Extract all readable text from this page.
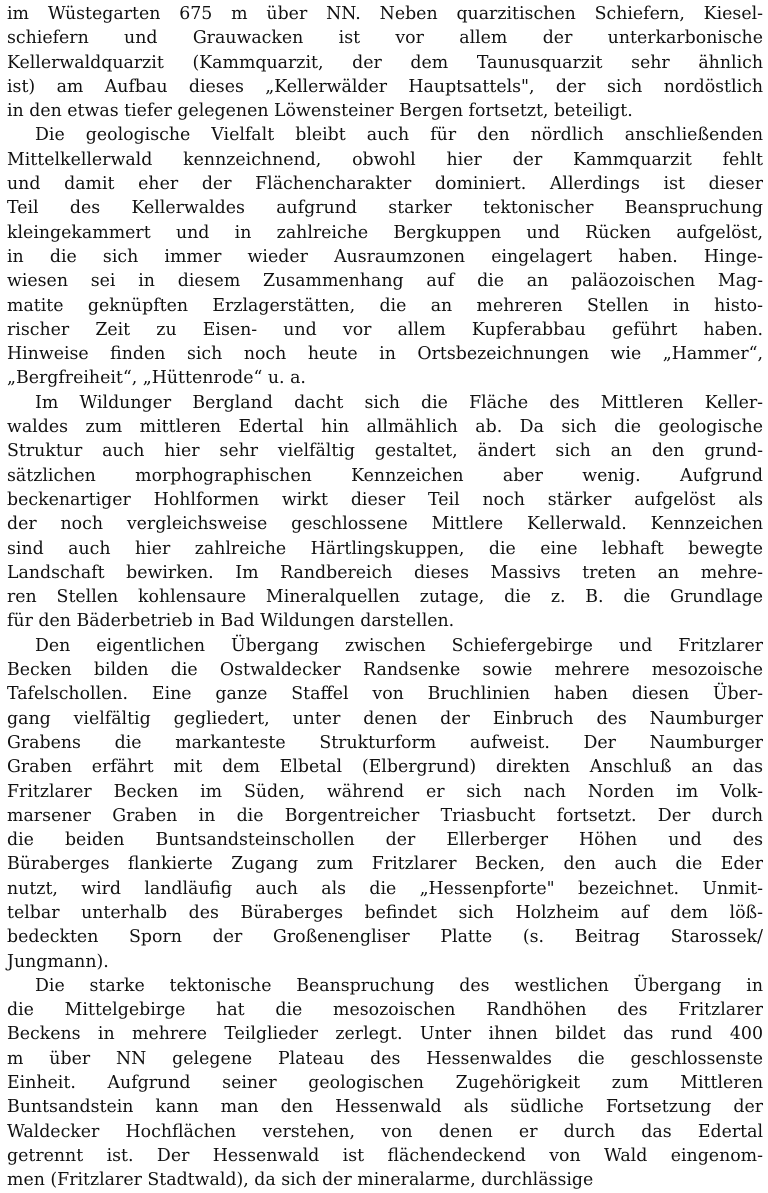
im Wüstegarten 675 m über NN. Neben quarzitischen Schiefern, Kiesel-
schiefern und Grauwacken ist vor allem der unterkarbonische
Kellerwaldquarzit (Kammquarzit, der dem Taunusquarzit sehr ähnlich
ist) am Aufbau dieses „Kellerwälder Hauptsattels", der sich nordöstlich
in den etwas tiefer gelegenen Löwensteiner Bergen fortsetzt, beteiligt.
Die geologische Vielfalt bleibt auch für den nördlich anschließenden
Mittelkellerwald kennzeichnend, obwohl hier der Kammquarzit fehlt
und damit eher der Flächencharakter dominiert. Allerdings ist dieser
Teil des Kellerwaldes aufgrund starker tektonischer Beanspruchung
kleingekammert und in zahlreiche Bergkuppen und Rücken aufgelöst,
in die sich immer wieder Ausraumzonen eingelagert haben. Hinge-
wiesen sei in diesem Zusammenhang auf die an paläozoischen Mag-
matite geknüpften Erzlagerstätten, die an mehreren Stellen in histo-
rischer Zeit zu Eisen- und vor allem Kupferabbau geführt haben.
Hinweise finden sich noch heute in Ortsbezeichnungen wie „Hammer“,
„Bergfreiheit“, „Hüttenrode“ u. a.
Im Wildunger Bergland dacht sich die Fläche des Mittleren Keller-
waldes zum mittleren Edertal hin allmählich ab. Da sich die geologische
Struktur auch hier sehr vielfältig gestaltet, ändert sich an den grund-
sätzlichen morphographischen Kennzeichen aber wenig. Aufgrund
beckenartiger Hohlformen wirkt dieser Teil noch stärker aufgelöst als
der noch vergleichsweise geschlossene Mittlere Kellerwald. Kennzeichen
sind auch hier zahlreiche Härtlingskuppen, die eine lebhaft bewegte
Landschaft bewirken. Im Randbereich dieses Massivs treten an mehre-
ren Stellen kohlensaure Mineralquellen zutage, die z. B. die Grundlage
für den Bäderbetrieb in Bad Wildungen darstellen.
Den eigentlichen Übergang zwischen Schiefergebirge und Fritzlarer
Becken bilden die Ostwaldecker Randsenke sowie mehrere mesozoische
Tafelschollen. Eine ganze Staffel von Bruchlinien haben diesen Über-
gang vielfältig gegliedert, unter denen der Einbruch des Naumburger
Grabens die markanteste Strukturform aufweist. Der Naumburger
Graben erfährt mit dem Elbetal (Elbergrund) direkten Anschluß an das
Fritzlarer Becken im Süden, während er sich nach Norden im Volk-
marsener Graben in die Borgentreicher Triasbucht fortsetzt. Der durch
die beiden Buntsandsteinschollen der Ellerberger Höhen und des
Büraberges flankierte Zugang zum Fritzlarer Becken, den auch die Eder
nutzt, wird landläufig auch als die „Hessenpforte" bezeichnet. Unmit-
telbar unterhalb des Büraberges befindet sich Holzheim auf dem löß-
bedeckten Sporn der Großenengliser Platte (s. Beitrag Starossek/
Jungmann).
Die starke tektonische Beanspruchung des westlichen Übergang in
die Mittelgebirge hat die mesozoischen Randhöhen des Fritzlarer
Beckens in mehrere Teilglieder zerlegt. Unter ihnen bildet das rund 400
m über NN gelegene Plateau des Hessenwaldes die geschlossenste
Einheit. Aufgrund seiner geologischen Zugehörigkeit zum Mittleren
Buntsandstein kann man den Hessenwald als südliche Fortsetzung der
Waldecker Hochflächen verstehen, von denen er durch das Edertal
getrennt ist. Der Hessenwald ist flächendeckend von Wald eingenom-
men (Fritzlarer Stadtwald), da sich der mineralarme, durchlässige
